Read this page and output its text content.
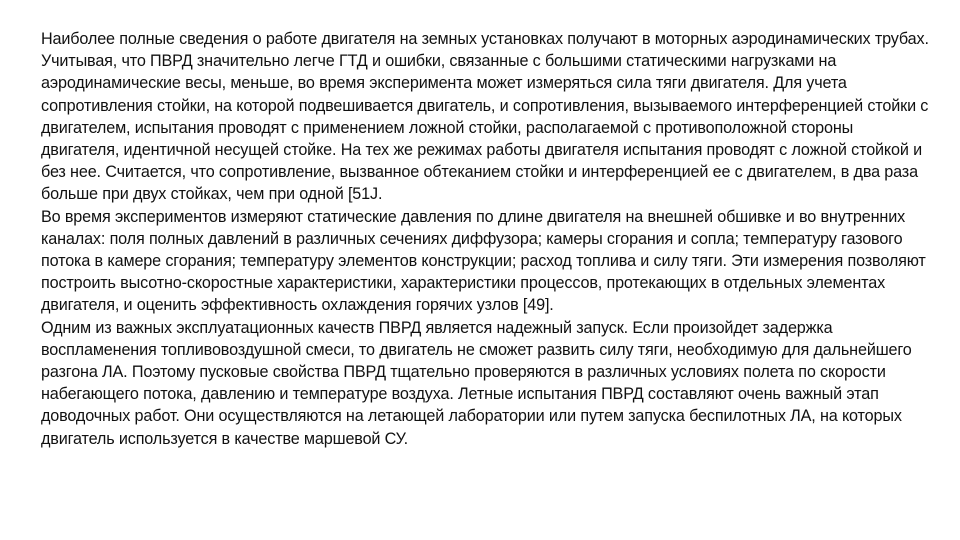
Наиболее полные сведения о работе двигателя на земных установках получают в моторных аэродинамических трубах. Учитывая, что ПВРД значительно легче ГТД и ошибки, связанные с большими статическими нагрузками на аэродинамические весы, меньше, во время эксперимента может измеряться сила тяги двигателя. Для учета сопротивления стойки, на которой подвешивается двигатель, и сопротивления, вызываемого интерференцией стойки с двигателем, испытания проводят с применением ложной стойки, располагаемой с противоположной стороны двигателя, идентичной несущей стойке. На тех же режимах работы двигателя испытания проводят с ложной стойкой и без нее. Считается, что сопротивление, вызванное обтеканием стойки и интерференцией ее с двигателем, в два раза больше при двух стойках, чем при одной [51J.

Во время экспериментов измеряют статические давления по длине двигателя на внешней обшивке и во внутренних каналах: поля полных давлений в различных сечениях диффузора; камеры сгорания и сопла; температуру газового потока в камере сгорания; температуру элементов конструкции; расход топлива и силу тяги. Эти измерения позволяют построить высотно-скоростные характеристики, характеристики процессов, протекающих в отдельных элементах двигателя, и оценить эффективность охлаждения горячих узлов [49].

Одним из важных эксплуатационных качеств ПВРД является надежный запуск. Если произойдет задержка воспламенения топливовоздушной смеси, то двигатель не сможет развить силу тяги, необходимую для дальнейшего разгона ЛА. Поэтому пусковые свойства ПВРД тщательно проверяются в различных условиях полета по скорости набегающего потока, давлению и температуре воздуха. Летные испытания ПВРД составляют очень важный этап доводочных работ. Они осуществляются на летающей лаборатории или путем запуска беспилотных ЛА, на которых двигатель используется в качестве маршевой СУ.
